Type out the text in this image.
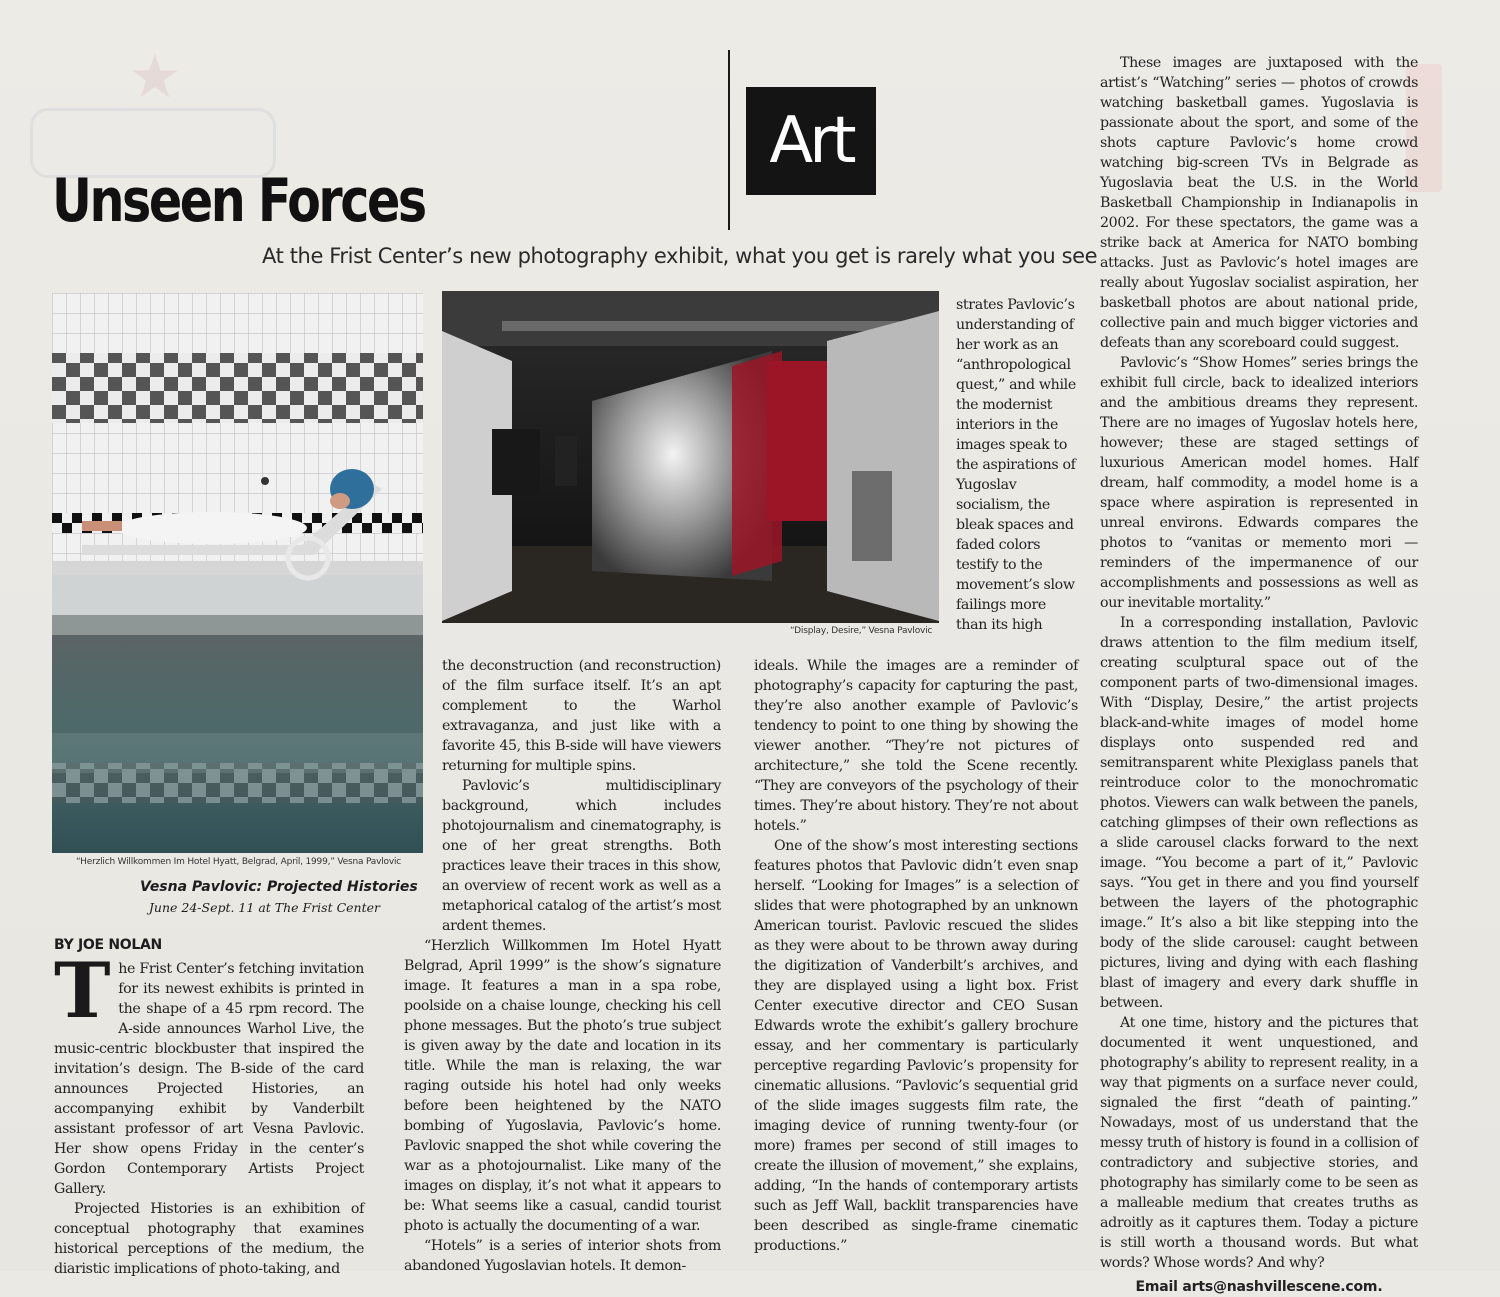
★
Unseen Forces
Art
At the Frist Center’s new photography exhibit, what you get is rarely what you see
“Herzlich Willkommen Im Hotel Hyatt, Belgrad, April, 1999,” Vesna Pavlovic
“Display, Desire,” Vesna Pavlovic
Vesna Pavlovic: Projected Histories
June 24-Sept. 11 at The Frist Center
BY JOE NOLAN

The Frist Center’s fetching invitation for its newest exhibits is printed in the shape of a 45 rpm record. The A-side announces Warhol Live, the music-centric blockbuster that inspired the invitation’s design. The B-side of the card announces Projected Histories, an accompanying exhibit by Vanderbilt assistant professor of art Vesna Pavlovic. Her show opens Friday in the center’s Gordon Contemporary Artists Project Gallery.

Projected Histories is an exhibition of conceptual photography that examines historical perceptions of the medium, the diaristic implications of photo-taking, and

the deconstruction (and reconstruction) of the film surface itself. It’s an apt complement to the Warhol extravaganza, and just like with a favorite 45, this B-side will have viewers returning for multiple spins.

Pavlovic’s multidisciplinary background, which includes photojournalism and cinematography, is one of her great strengths. Both practices leave their traces in this show, an overview of recent work as well as a metaphorical catalog of the artist’s most ardent themes.

“Herzlich Willkommen Im Hotel Hyatt Belgrad, April 1999” is the show’s signature image. It features a man in a spa robe, poolside on a chaise lounge, checking his cell phone messages. But the photo’s true subject is given away by the date and location in its title. While the man is relaxing, the war raging outside his hotel had only weeks before been heightened by the NATO bombing of Yugoslavia, Pavlovic’s home. Pavlovic snapped the shot while covering the war as a photojournalist. Like many of the images on display, it’s not what it appears to be: What seems like a casual, candid tourist photo is actually the documenting of a war.

“Hotels” is a series of interior shots from abandoned Yugoslavian hotels. It demon-

strates Pavlovic’s understanding of her work as an “anthropological quest,” and while the modernist interiors in the images speak to the aspirations of Yugoslav socialism, the bleak spaces and faded colors testify to the movement’s slow failings more than its high

ideals. While the images are a reminder of photography’s capacity for capturing the past, they’re also another example of Pavlovic’s tendency to point to one thing by showing the viewer another. “They’re not pictures of architecture,” she told the Scene recently. “They are conveyors of the psychology of their times. They’re about history. They’re not about hotels.”

One of the show’s most interesting sections features photos that Pavlovic didn’t even snap herself. “Looking for Images” is a selection of slides that were photographed by an unknown American tourist. Pavlovic rescued the slides as they were about to be thrown away during the digitization of Vanderbilt’s archives, and they are displayed using a light box. Frist Center executive director and CEO Susan Edwards wrote the exhibit’s gallery brochure essay, and her commentary is particularly perceptive regarding Pavlovic’s propensity for cinematic allusions. “Pavlovic’s sequential grid of the slide images suggests film rate, the imaging device of running twenty-four (or more) frames per second of still images to create the illusion of movement,” she explains, adding, “In the hands of contemporary artists such as Jeff Wall, backlit transparencies have been described as single-frame cinematic productions.”

These images are juxtaposed with the artist’s “Watching” series — photos of crowds watching basketball games. Yugoslavia is passionate about the sport, and some of the shots capture Pavlovic’s home crowd watching big-screen TVs in Belgrade as Yugoslavia beat the U.S. in the World Basketball Championship in Indianapolis in 2002. For these spectators, the game was a strike back at America for NATO bombing attacks. Just as Pavlovic’s hotel images are really about Yugoslav socialist aspiration, her basketball photos are about national pride, collective pain and much bigger victories and defeats than any scoreboard could suggest.

Pavlovic’s “Show Homes” series brings the exhibit full circle, back to idealized interiors and the ambitious dreams they represent. There are no images of Yugoslav hotels here, however; these are staged settings of luxurious American model homes. Half dream, half commodity, a model home is a space where aspiration is represented in unreal environs. Edwards compares the photos to “vanitas or memento mori — reminders of the impermanence of our accomplishments and possessions as well as our inevitable mortality.”

In a corresponding installation, Pavlovic draws attention to the film medium itself, creating sculptural space out of the component parts of two-dimensional images. With “Display, Desire,” the artist projects black-and-white images of model home displays onto suspended red and semitransparent white Plexiglass panels that reintroduce color to the monochromatic photos. Viewers can walk between the panels, catching glimpses of their own reflections as a slide carousel clacks forward to the next image. “You become a part of it,” Pavlovic says. “You get in there and you find yourself between the layers of the photographic image.” It’s also a bit like stepping into the body of the slide carousel: caught between pictures, living and dying with each flashing blast of imagery and every dark shuffle in between.

At one time, history and the pictures that documented it went unquestioned, and photography’s ability to represent reality, in a way that pigments on a surface never could, signaled the first “death of painting.” Nowadays, most of us understand that the messy truth of history is found in a collision of contradictory and subjective stories, and photography has similarly come to be seen as a malleable medium that creates truths as adroitly as it captures them. Today a picture is still worth a thousand words. But what words? Whose words? And why?

Email arts@nashvillescene.com.
